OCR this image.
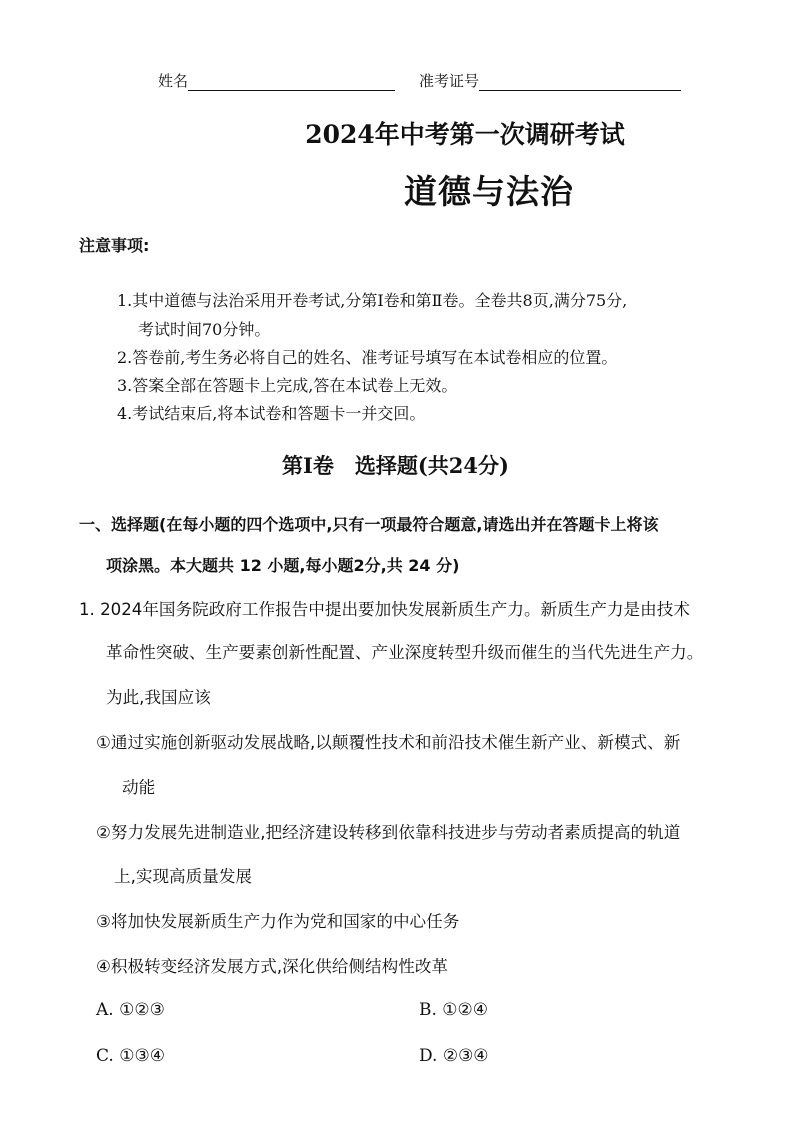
姓名	准考证号
2024年中考第一次调研考试
道德与法治
注意事项:
1.其中道德与法治采用开卷考试,分第Ⅰ卷和第Ⅱ卷。全卷共8页,满分75分,
考试时间70分钟。
2.答卷前,考生务必将自己的姓名、准考证号填写在本试卷相应的位置。
3.答案全部在答题卡上完成,答在本试卷上无效。
4.考试结束后,将本试卷和答题卡一并交回。
第Ⅰ卷　选择题(共24分)
一、选择题(在每小题的四个选项中,只有一项最符合题意,请选出并在答题卡上将该
项涂黑。本大题共 12 小题,每小题2分,共 24 分)
1. 2024年国务院政府工作报告中提出要加快发展新质生产力。新质生产力是由技术
革命性突破、生产要素创新性配置、产业深度转型升级而催生的当代先进生产力。
为此,我国应该
①通过实施创新驱动发展战略,以颠覆性技术和前沿技术催生新产业、新模式、新
动能
②努力发展先进制造业,把经济建设转移到依靠科技进步与劳动者素质提高的轨道
上,实现高质量发展
③将加快发展新质生产力作为党和国家的中心任务
④积极转变经济发展方式,深化供给侧结构性改革
A. ①②③	B. ①②④
C. ①③④	D. ②③④
